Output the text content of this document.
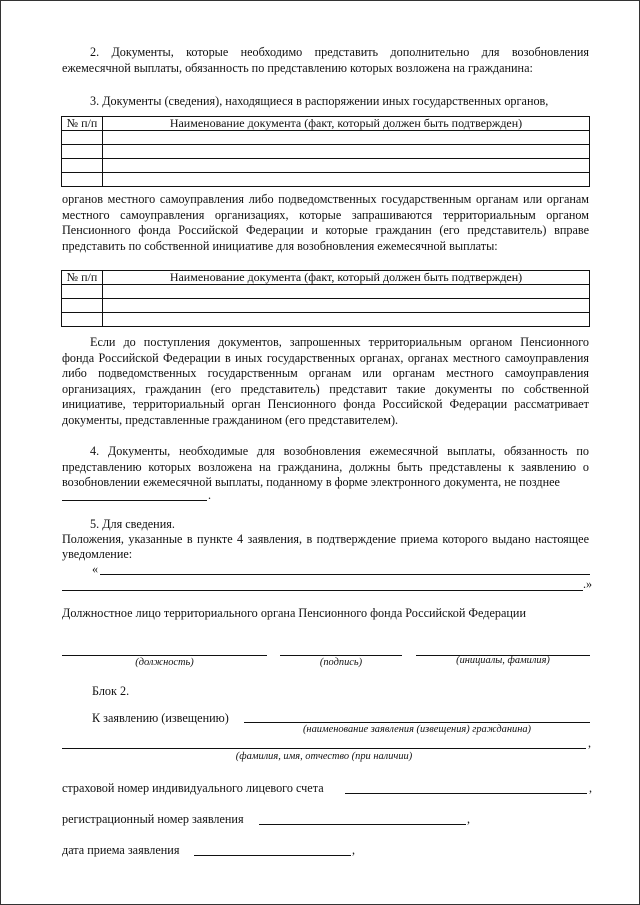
2. Документы, которые необходимо представить дополнительно для возобновления ежемесячной выплаты, обязанность по представлению которых возложена на гражданина:
3. Документы (сведения), находящиеся в распоряжении иных государственных органов,
№ п/п	Наименование документа (факт, который должен быть подтвержден)

органов местного самоуправления либо подведомственных государственным органам или органам местного самоуправления организациях, которые запрашиваются территориальным органом Пенсионного фонда Российской Федерации и которые гражданин (его представитель) вправе представить по собственной инициативе для возобновления ежемесячной выплаты:
№ п/п	Наименование документа (факт, который должен быть подтвержден)

Если до поступления документов, запрошенных территориальным органом Пенсионного фонда Российской Федерации в иных государственных органах, органах местного самоуправления либо подведомственных государственным органам или органам местного самоуправления организациях, гражданин (его представитель) представит такие документы по собственной инициативе, территориальный орган Пенсионного фонда Российской Федерации рассматривает документы, представленные гражданином (его представителем).
4. Документы, необходимые для возобновления ежемесячной выплаты, обязанность по представлению которых возложена на гражданина, должны быть представлены к заявлению о возобновлении ежемесячной выплаты, поданному в форме электронного документа, не позднее
.
5. Для сведения.
Положения, указанные в пункте 4 заявления, в подтверждение приема которого выдано настоящее уведомление:
«
.»
Должностное лицо территориального органа Пенсионного фонда Российской Федерации
(должность)	(подпись)	(инициалы, фамилия)
Блок 2.
К заявлению (извещению)
(наименование заявления (извещения) гражданина)
,
(фамилия, имя, отчество (при наличии)
страховой номер индивидуального лицевого счета	,
регистрационный номер заявления	,
дата приема заявления	,
